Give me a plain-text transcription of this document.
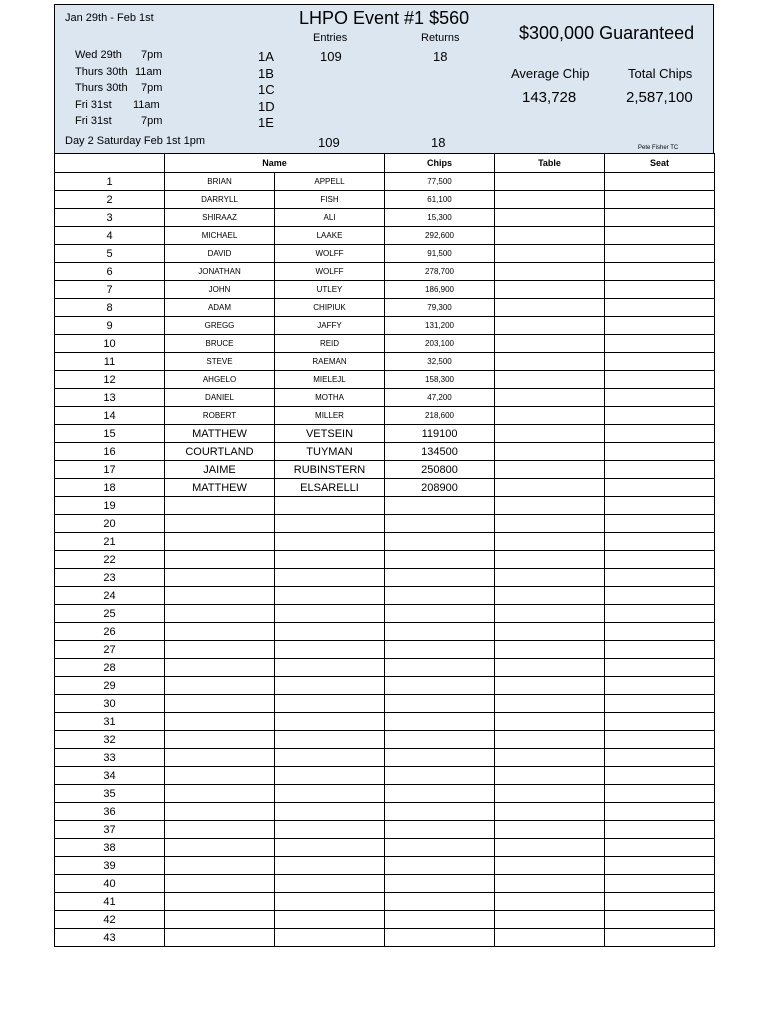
Jan 29th - Feb 1st	LHPO Event #1 $560
Entries	Returns	$300,000 Guaranteed
Average Chip
143,728
Total Chips
2,587,100
Wed 29th 7pm	1A	109	18
Thurs 30th 11am	1B
Thurs 30th 7pm	1C
Fri 31st 11am	1D
Fri 31st	7pm	1E
Day 2 Saturday Feb 1st 1pm	109	18	Pete Fisher TC
	Name		Chips	Table	Seat
1	BRIAN	APPELL	77,500		
2	DARRYLL	FISH	61,100		
3	SHIRAAZ	ALI	15,300		
4	MICHAEL	LAAKE	292,600		
5	DAVID	WOLFF	91,500		
6	JONATHAN	WOLFF	278,700		
7	JOHN	UTLEY	186,900		
8	ADAM	CHIPIUK	79,300		
9	GREGG	JAFFY	131,200		
10	BRUCE	REID	203,100		
11	STEVE	RAEMAN	32,500		
12	AHGELO	MIELEJL	158,300		
13	DANIEL	MOTHA	47,200		
14	ROBERT	MILLER	218,600		
15	MATTHEW	VETSEIN	119100		
16	COURTLAND	TUYMAN	134500		
17	JAIME	RUBINSTERN	250800		
18	MATTHEW	ELSARELLI	208900		
19					
20					
21					
22					
23					
24					
25					
26					
27					
28					
29					
30					
31					
32					
33					
34					
35					
36					
37					
38					
39					
40					
41					
42					
43					
